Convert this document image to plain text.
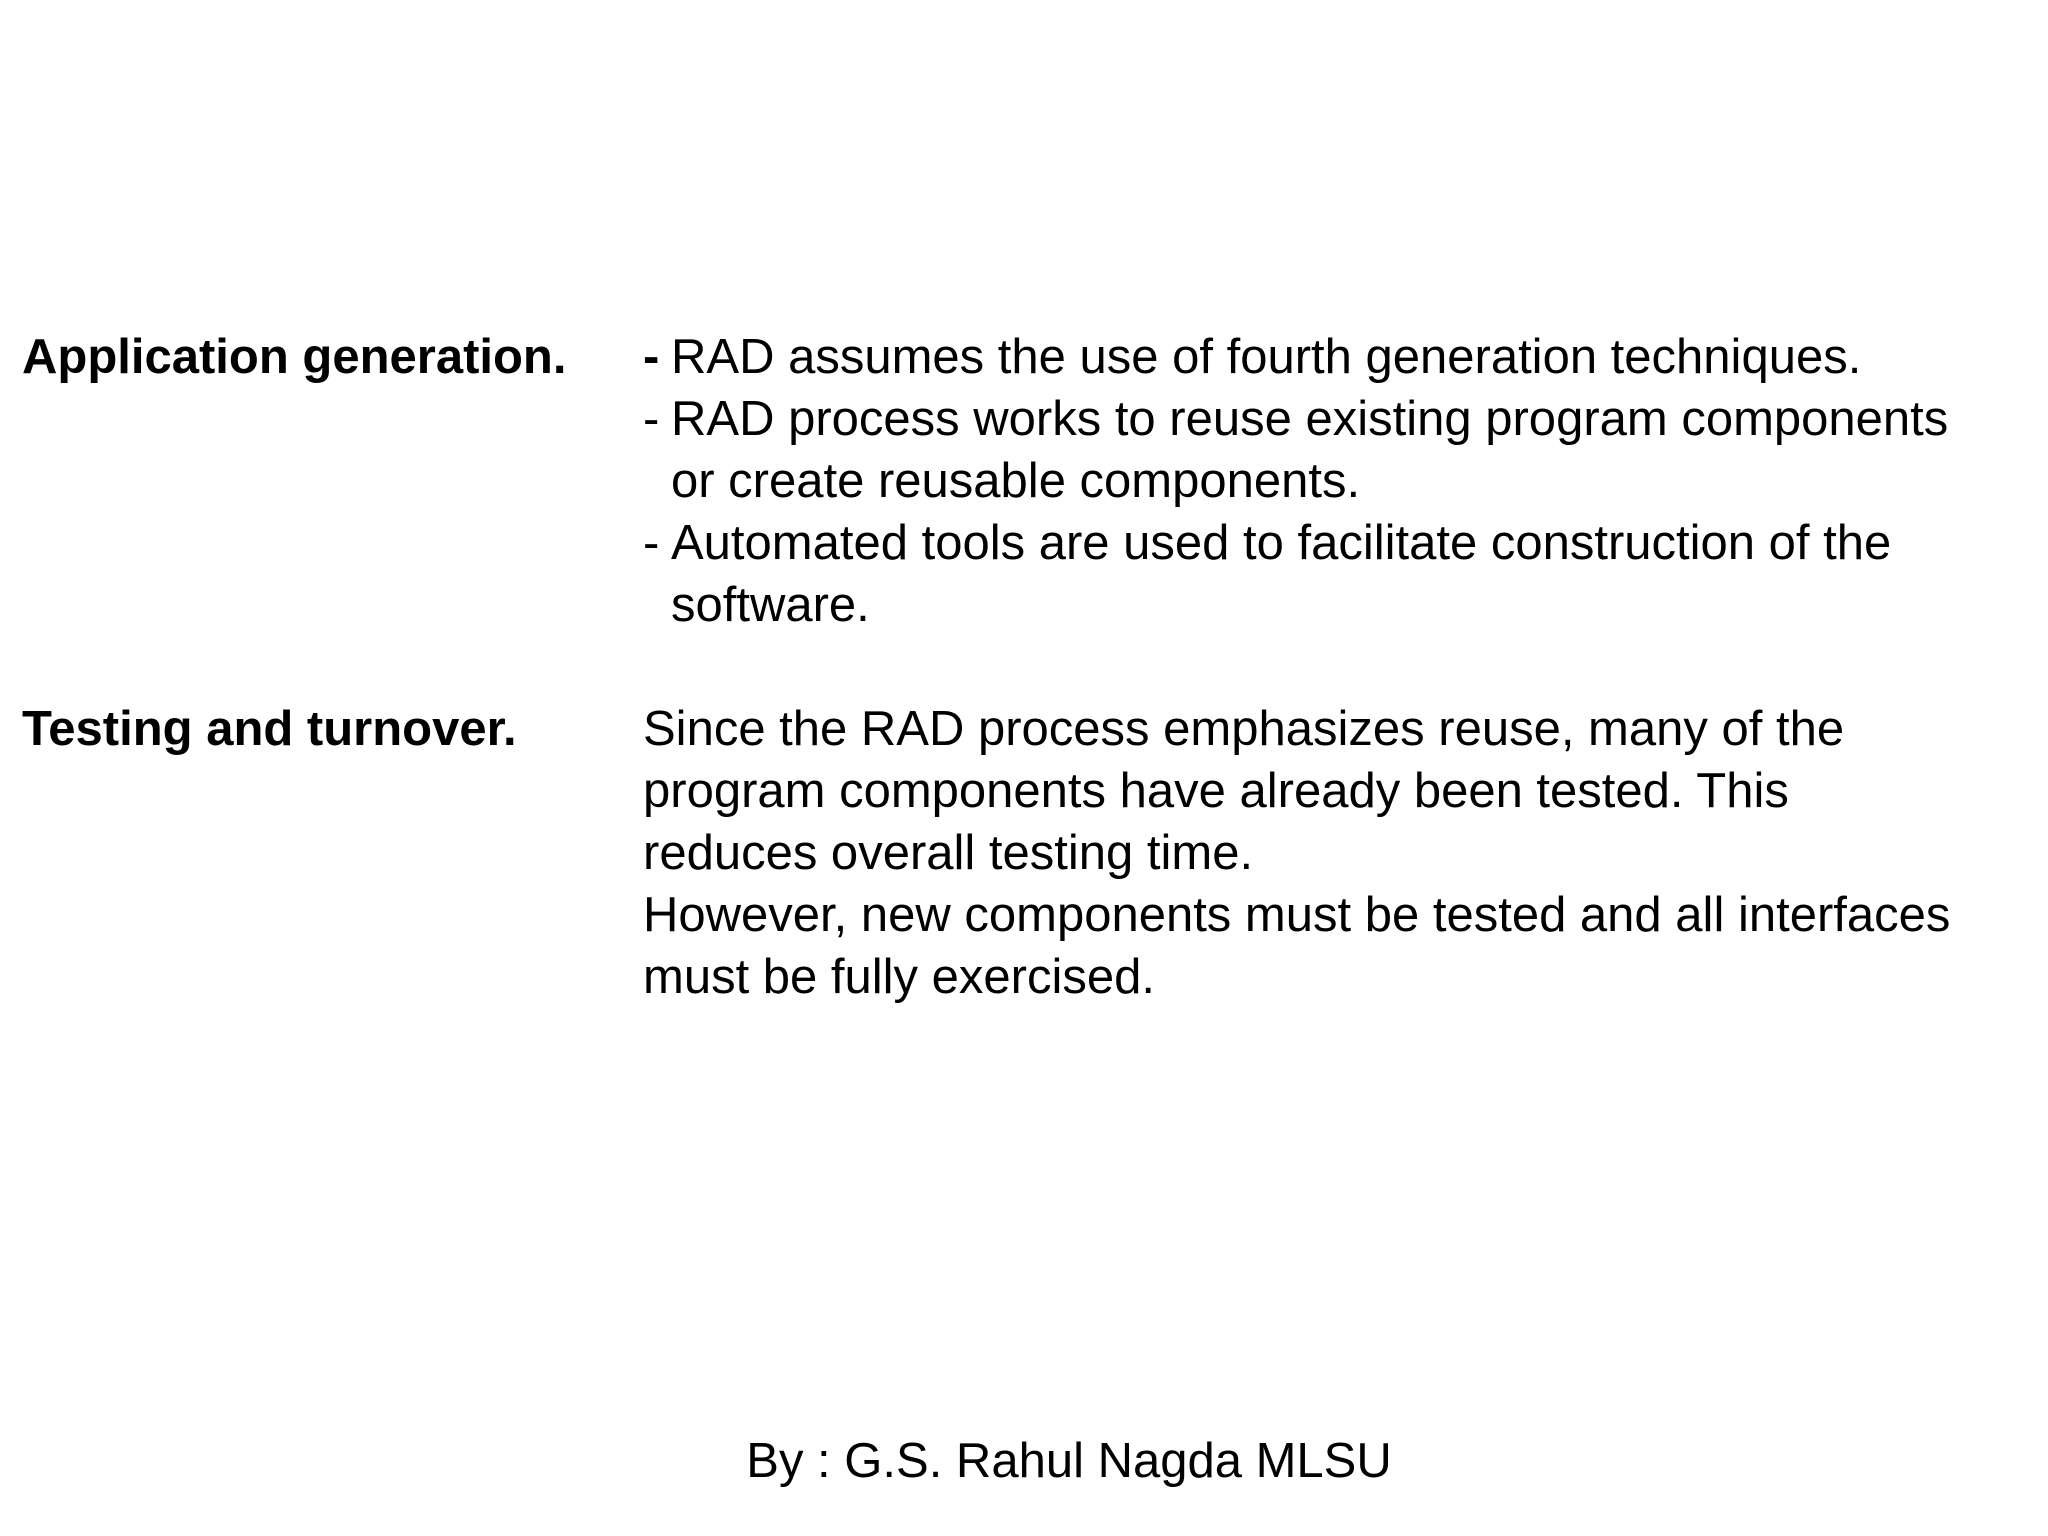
Application generation. - RAD assumes the use of fourth generation techniques.
- RAD process works to reuse existing program components
or create reusable components.
- Automated tools are used to facilitate construction of the
software.
Testing and turnover.	Since the RAD process emphasizes reuse, many of the
program components have already been tested. This
reduces overall testing time.
However, new components must be tested and all interfaces
must be fully exercised.
By : G.S. Rahul Nagda MLSU
